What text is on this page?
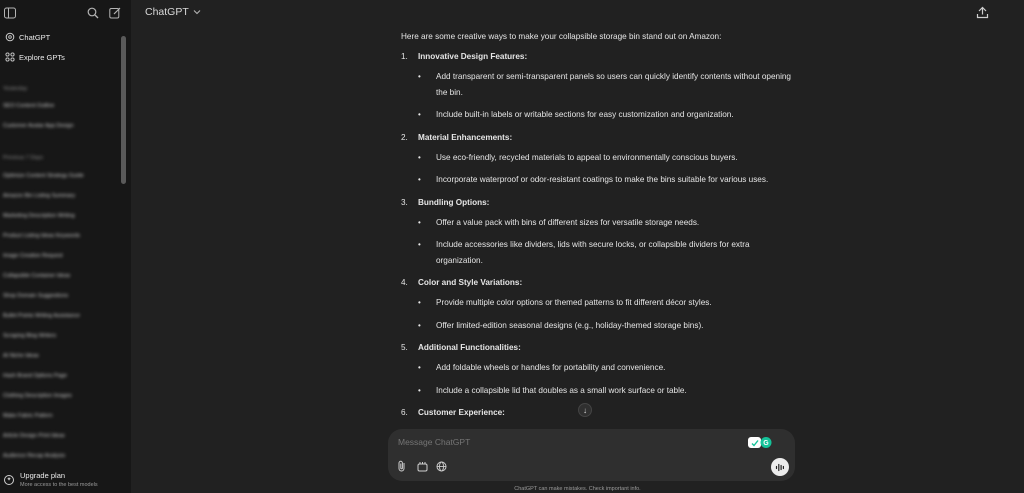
ChatGPT
Explore GPTs
Yesterday
SEO Content Outline
Customer Avatar App Design
Previous 7 Days
Optimize Content Strategy Guide
Amazon Bin Listing Summary
Marketing Description Writing
Product Listing Ideas Keywords
Image Creation Request
Collapsible Container Ideas
Shop Domain Suggestions
Bullet Points Writing Assistance
Scraping Blog Writers
AI Niche Ideas
Hash Brand Options Page
Clothing Description Images
Make Fabric Pattern
Article Design Print Ideas
Audience Recap Analysis
✦	Upgrade plan
More access to the best models
ChatGPT
Here are some creative ways to make your collapsible storage bin stand out on Amazon:
1.	Innovative Design Features:
•	Add transparent or semi-transparent panels so users can quickly identify contents without opening the bin.
•	Include built-in labels or writable sections for easy customization and organization.
2.	Material Enhancements:
•	Use eco-friendly, recycled materials to appeal to environmentally conscious buyers.
•	Incorporate waterproof or odor-resistant coatings to make the bins suitable for various uses.
3.	Bundling Options:
•	Offer a value pack with bins of different sizes for versatile storage needs.
•	Include accessories like dividers, lids with secure locks, or collapsible dividers for extra organization.
4.	Color and Style Variations:
•	Provide multiple color options or themed patterns to fit different décor styles.
•	Offer limited-edition seasonal designs (e.g., holiday-themed storage bins).
5.	Additional Functionalities:
•	Add foldable wheels or handles for portability and convenience.
•	Include a collapsible lid that doubles as a small work surface or table.
6.	Customer Experience:	↓
Message ChatGPT
G
ChatGPT can make mistakes. Check important info.
